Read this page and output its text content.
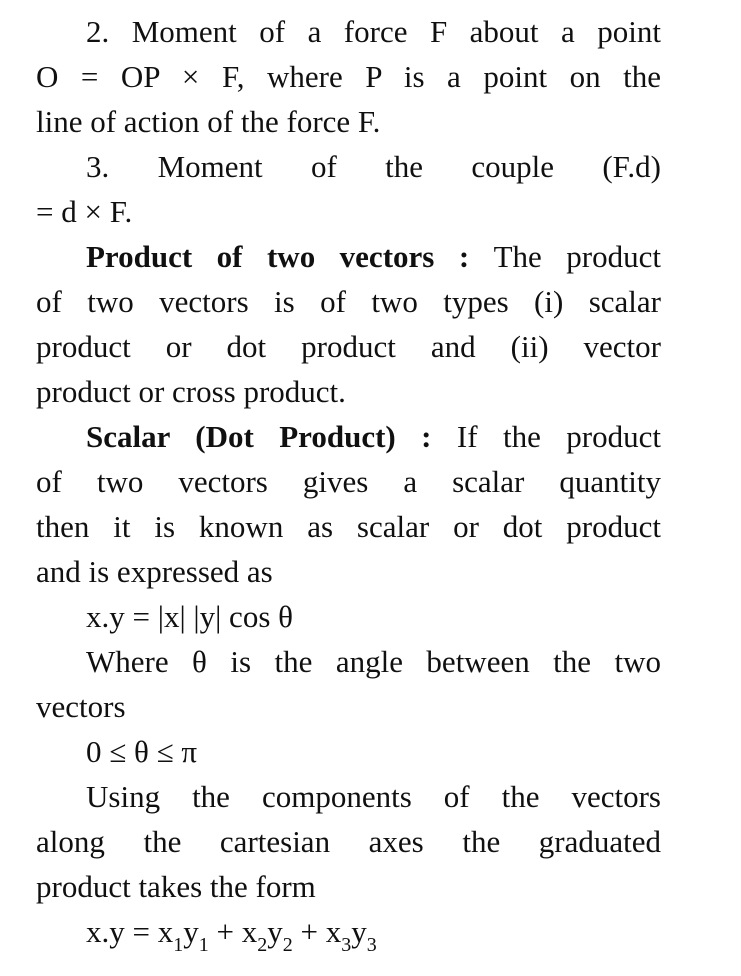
2. Moment of a force F about a point
O = OP × F, where P is a point on the
line of action of the force F.
3. Moment of the couple (F.d)
= d × F.
Product of two vectors : The product
of two vectors is of two types (i) scalar
product or dot product and (ii) vector
product or cross product.
Scalar (Dot Product) : If the product
of two vectors gives a scalar quantity
then it is known as scalar or dot product
and is expressed as
x.y = |x| |y| cos θ
Where θ is the angle between the two
vectors
0 ≤ θ ≤ π
Using the components of the vectors
along the cartesian axes the graduated
product takes the form
$x.y = x_1y_1 + x_2y_2 + x_3y_3$
